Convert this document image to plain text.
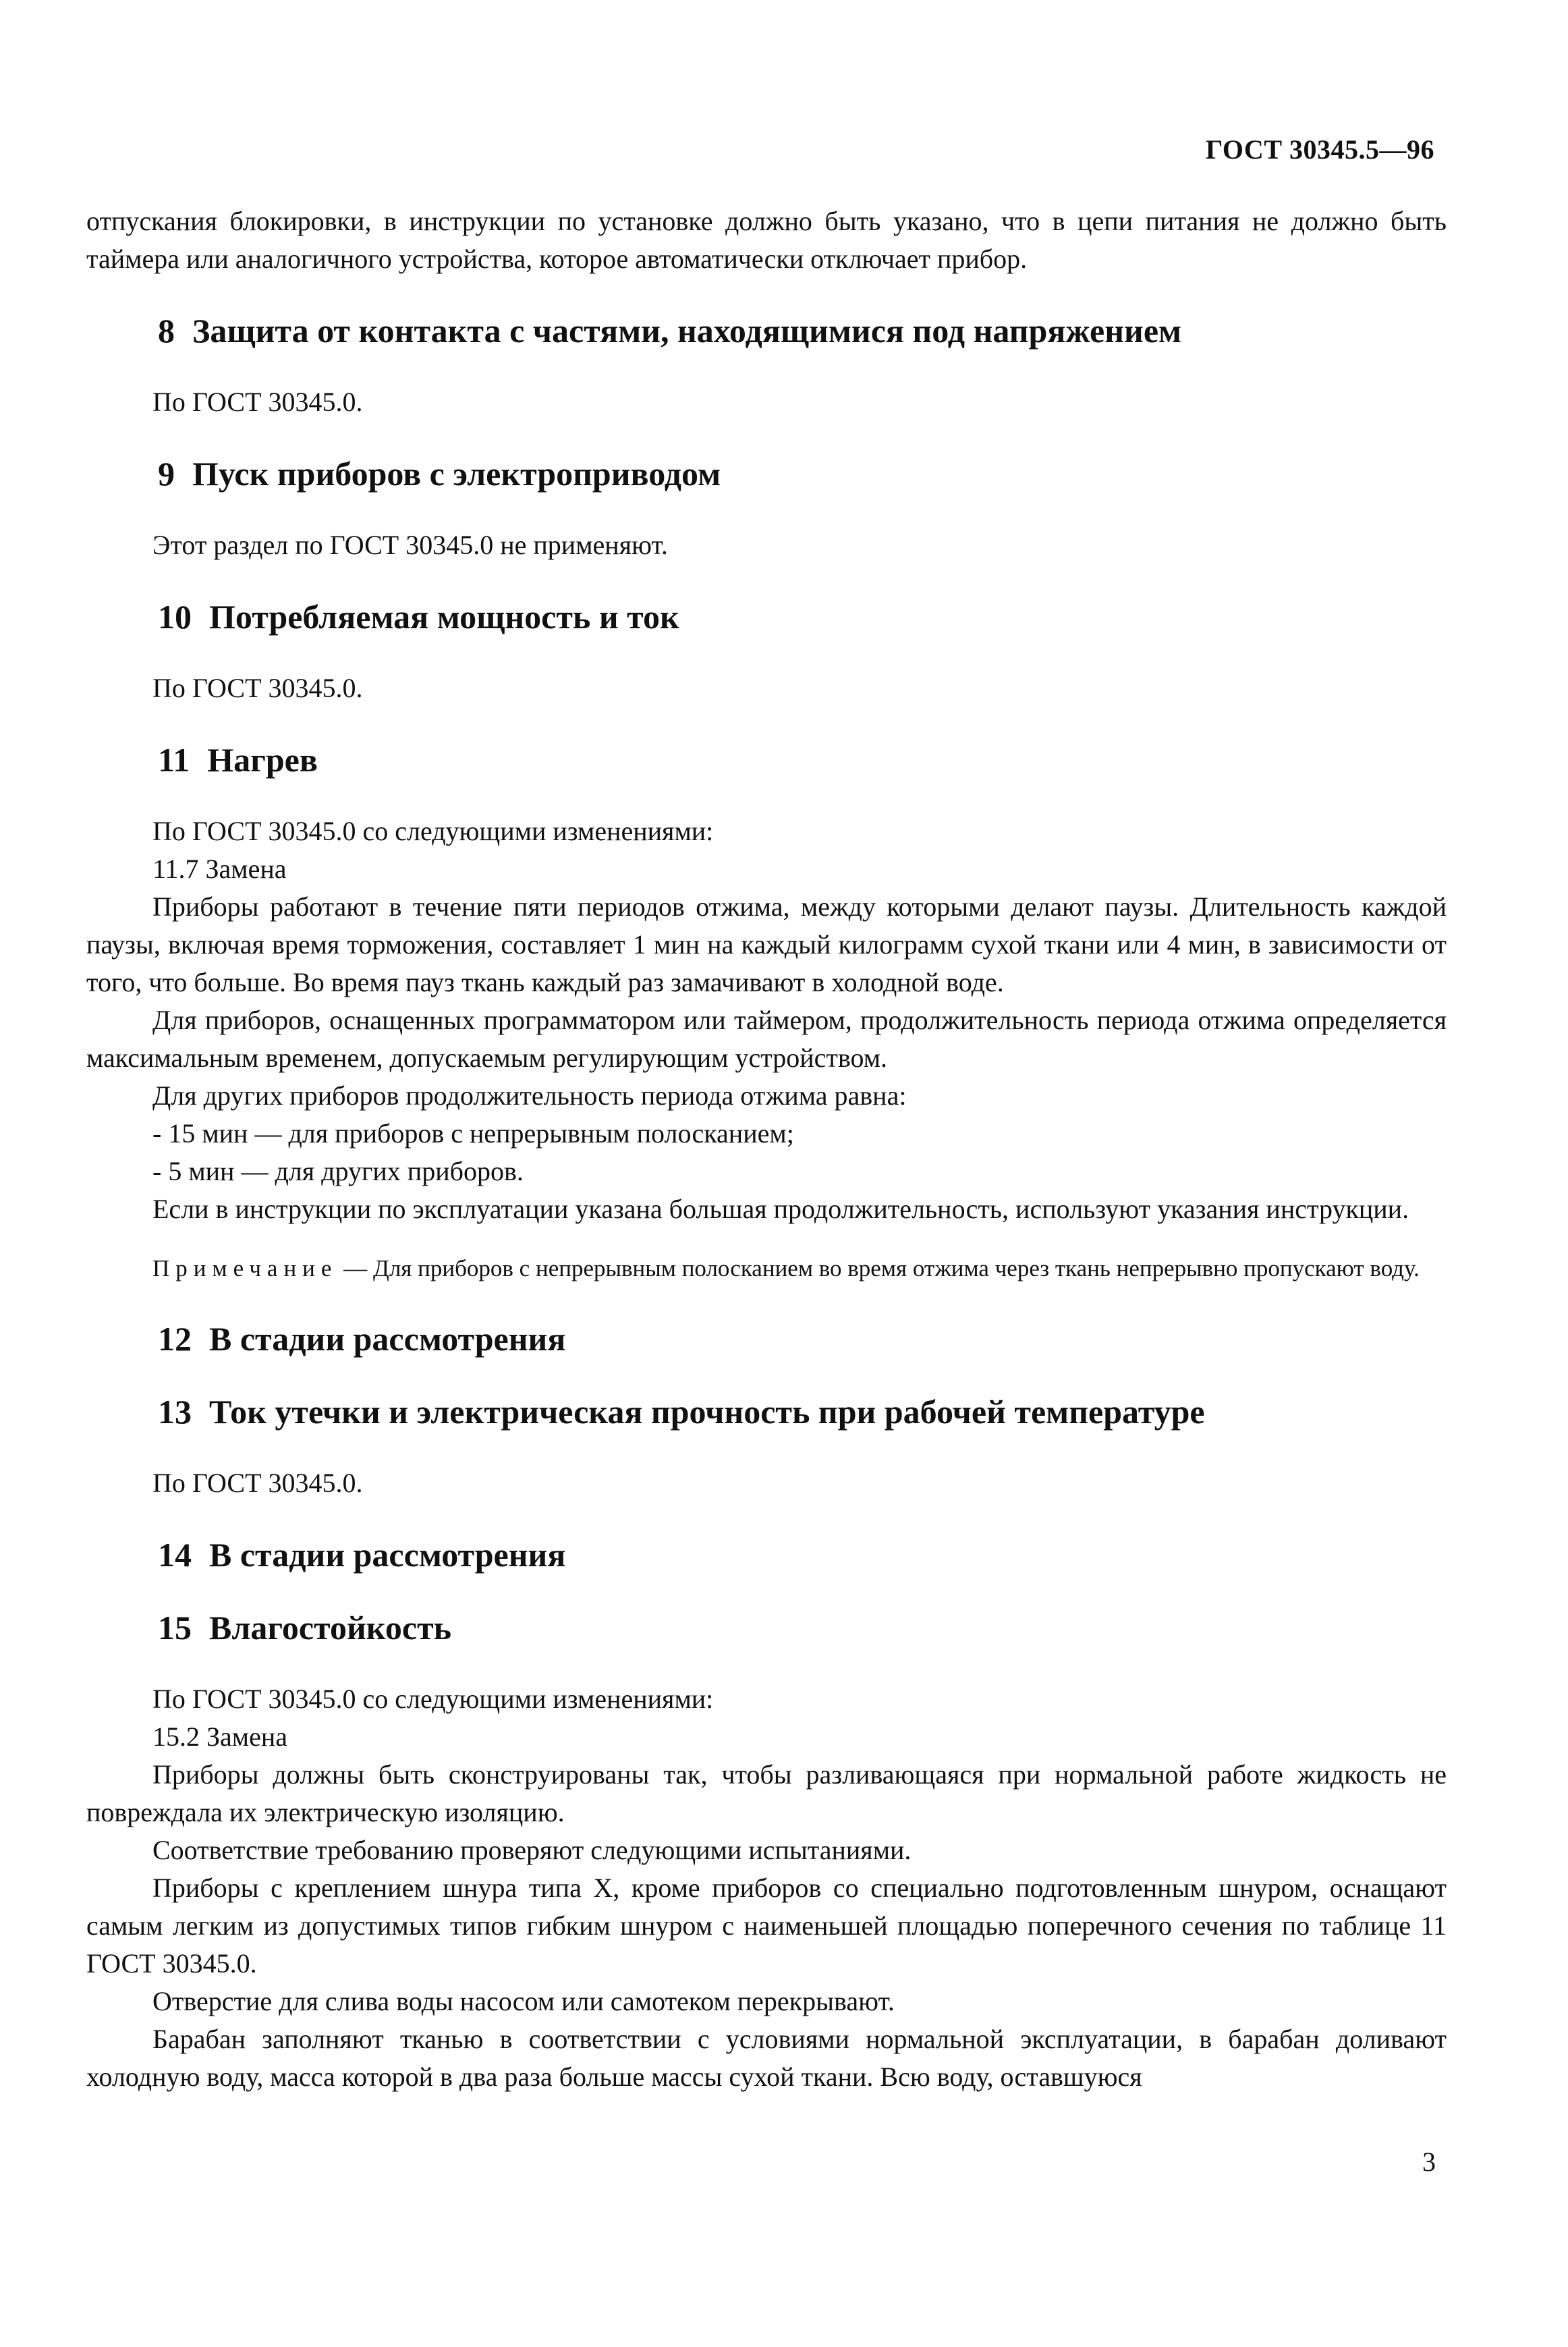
ГОСТ 30345.5—96

отпускания блокировки, в инструкции по установке должно быть указано, что в цепи питания не должно быть таймера или аналогичного устройства, которое автоматически отключает прибор.

8 Защита от контакта с частями, находящимися под напряжением

По ГОСТ 30345.0.

9 Пуск приборов с электроприводом

Этот раздел по ГОСТ 30345.0 не применяют.

10 Потребляемая мощность и ток

По ГОСТ 30345.0.

11 Нагрев

По ГОСТ 30345.0 со следующими изменениями:

11.7 Замена

Приборы работают в течение пяти периодов отжима, между которыми делают паузы. Длительность каждой паузы, включая время торможения, составляет 1 мин на каждый килограмм сухой ткани или 4 мин, в зависимости от того, что больше. Во время пауз ткань каждый раз замачивают в холодной воде.

Для приборов, оснащенных программатором или таймером, продолжительность периода отжима определяется максимальным временем, допускаемым регулирующим устройством.

Для других приборов продолжительность периода отжима равна:

- 15 мин — для приборов с непрерывным полосканием;

- 5 мин — для других приборов.

Если в инструкции по эксплуатации указана большая продолжительность, используют указания инструкции.

Примечание — Для приборов с непрерывным полосканием во время отжима через ткань непрерывно пропускают воду.

12 В стадии рассмотрения
13 Ток утечки и электрическая прочность при рабочей температуре

По ГОСТ 30345.0.

14 В стадии рассмотрения
15 Влагостойкость

По ГОСТ 30345.0 со следующими изменениями:

15.2 Замена

Приборы должны быть сконструированы так, чтобы разливающаяся при нормальной работе жидкость не повреждала их электрическую изоляцию.

Соответствие требованию проверяют следующими испытаниями.

Приборы с креплением шнура типа X, кроме приборов со специально подготовленным шнуром, оснащают самым легким из допустимых типов гибким шнуром с наименьшей площадью поперечного сечения по таблице 11 ГОСТ 30345.0.

Отверстие для слива воды насосом или самотеком перекрывают.

Барабан заполняют тканью в соответствии с условиями нормальной эксплуатации, в барабан доливают холодную воду, масса которой в два раза больше массы сухой ткани. Всю воду, оставшуюся

3
